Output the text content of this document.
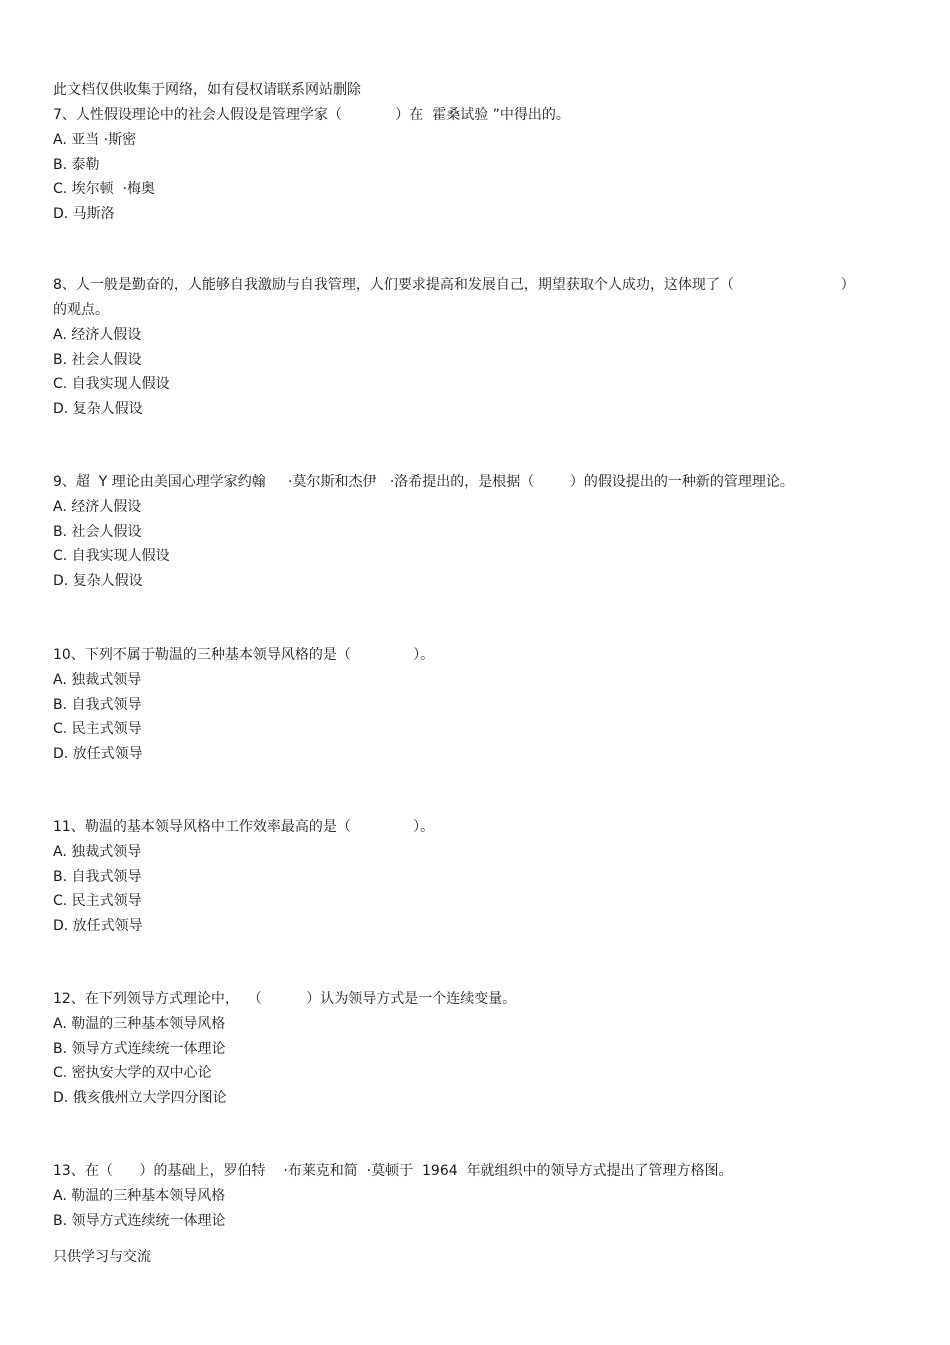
此文档仅供收集于网络，如有侵权请联系网站删除
7、人性假设理论中的社会人假设是管理学家（            ）在  霍桑试验 ”中得出的。
A. 亚当 ·斯密
B. 泰勒
C. 埃尔顿  ·梅奥
D. 马斯洛
8、人一般是勤奋的，人能够自我激励与自我管理，人们要求提高和发展自己，期望获取个人成功，这体现了（                        ）
的观点。
A. 经济人假设
B. 社会人假设
C. 自我实现人假设
D. 复杂人假设
9、超  Y 理论由美国心理学家约翰     ·莫尔斯和杰伊   ·洛希提出的，是根据（        ）的假设提出的一种新的管理理论。
A. 经济人假设
B. 社会人假设
C. 自我实现人假设
D. 复杂人假设
10、下列不属于勒温的三种基本领导风格的是（              ）。
A. 独裁式领导
B. 自我式领导
C. 民主式领导
D. 放任式领导
11、勒温的基本领导风格中工作效率最高的是（              ）。
A. 独裁式领导
B. 自我式领导
C. 民主式领导
D. 放任式领导
12、在下列领导方式理论中，  （          ）认为领导方式是一个连续变量。
A. 勒温的三种基本领导风格
B. 领导方式连续统一体理论
C. 密执安大学的双中心论
D. 俄亥俄州立大学四分图论
13、在（      ）的基础上，罗伯特    ·布莱克和简  ·莫顿于  1964  年就组织中的领导方式提出了管理方格图。
A. 勒温的三种基本领导风格
B. 领导方式连续统一体理论
只供学习与交流
